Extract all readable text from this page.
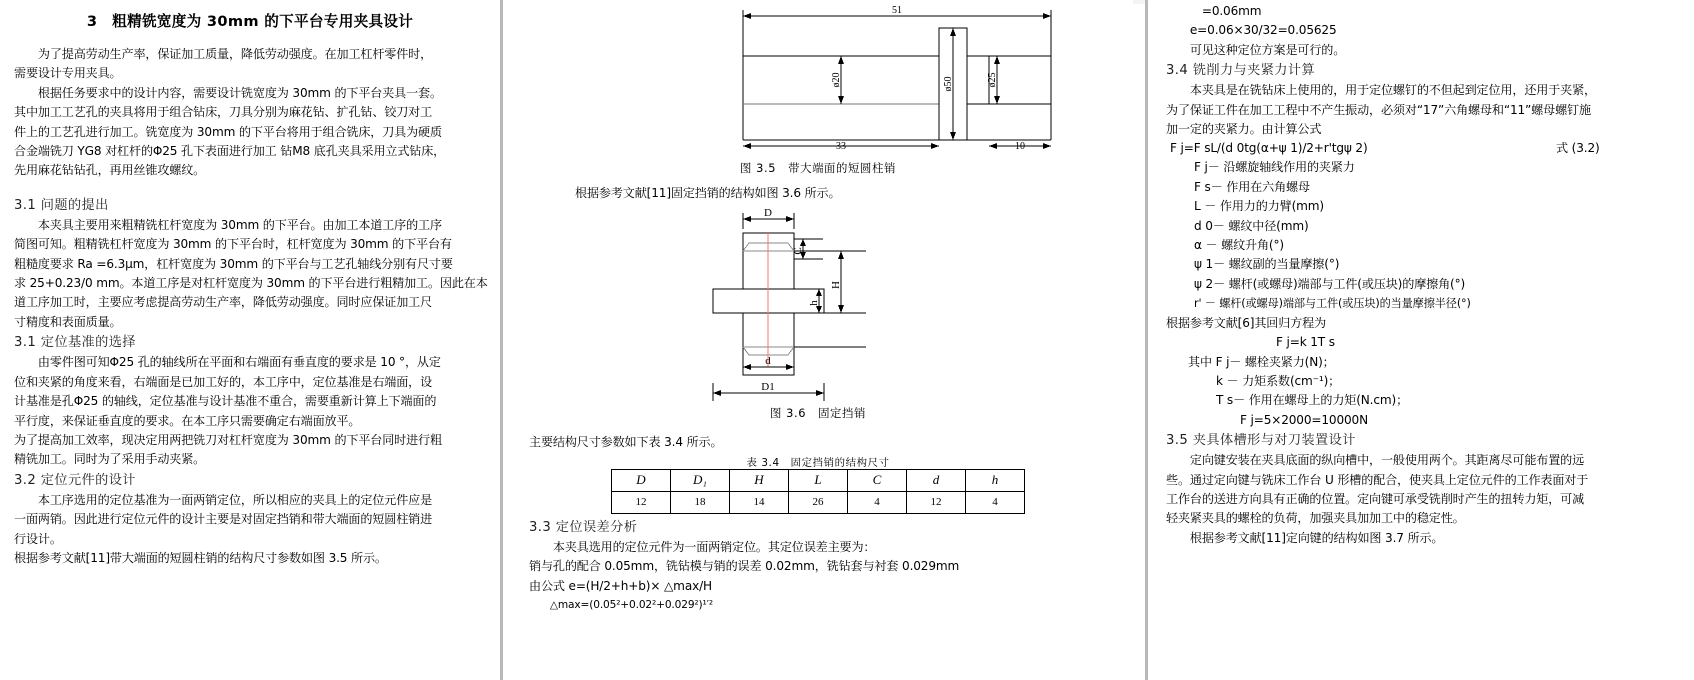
3　粗精铣宽度为 30mm 的下平台专用夹具设计
　　为了提高劳动生产率，保证加工质量，降低劳动强度。在加工杠杆零件时，
需要设计专用夹具。
　　根据任务要求中的设计内容，需要设计铣宽度为 30mm 的下平台夹具一套。
其中加工工艺孔的夹具将用于组合钻床，刀具分别为麻花钻、扩孔钻、铰刀对工
件上的工艺孔进行加工。铣宽度为 30mm 的下平台将用于组合铣床，刀具为硬质
合金端铣刀 YG8 对杠杆的Φ25 孔下表面进行加工 钻M8 底孔夹具采用立式钻床，
先用麻花钻钻孔，再用丝锥攻螺纹。
3.1 问题的提出
　　本夹具主要用来粗精铣杠杆宽度为 30mm 的下平台。由加工本道工序的工序
简图可知。粗精铣杠杆宽度为 30mm 的下平台时，杠杆宽度为 30mm 的下平台有
粗糙度要求 Ra =6.3μm，杠杆宽度为 30mm 的下平台与工艺孔轴线分别有尺寸要
求 25+0.23/0 mm。本道工序是对杠杆宽度为 30mm 的下平台进行粗精加工。因此在本
道工序加工时，主要应考虑提高劳动生产率，降低劳动强度。同时应保证加工尺
寸精度和表面质量。
3.1 定位基准的选择
　　由零件图可知Φ25 孔的轴线所在平面和右端面有垂直度的要求是 10 °，从定
位和夹紧的角度来看，右端面是已加工好的，本工序中，定位基准是右端面，设
计基准是孔Φ25 的轴线，定位基准与设计基准不重合，需要重新计算上下端面的
平行度，来保证垂直度的要求。在本工序只需要确定右端面放平。
为了提高加工效率，现决定用两把铣刀对杠杆宽度为 30mm 的下平台同时进行粗
精铣加工。同时为了采用手动夹紧。
3.2 定位元件的设计
　　本工序选用的定位基准为一面两销定位，所以相应的夹具上的定位元件应是
一面两销。因此进行定位元件的设计主要是对固定挡销和带大端面的短圆柱销进
行设计。
根据参考文献[11]带大端面的短圆柱销的结构尺寸参数如图 3.5 所示。
51
33	10
ø20	ø50	ø25
图 3.5　带大端面的短圆柱销
根据参考文献[11]固定挡销的结构如图 3.6 所示。
D
C
H
h
d
D1
图 3.6　固定挡销
主要结构尺寸参数如下表 3.4 所示。
表 3.4　固定挡销的结构尺寸
D	D₁	H	L	C	d	h
12	18	14	26	4	12	4
3.3 定位误差分析
　　本夹具选用的定位元件为一面两销定位。其定位误差主要为：
销与孔的配合 0.05mm，铣钻模与销的误差 0.02mm，铣钻套与衬套 0.029mm
由公式 e=(H/2+h+b)× △max/H
　　△max=(0.05²+0.02²+0.029²)¹′²
　　　=0.06mm
　　e=0.06×30/32=0.05625
　　可见这种定位方案是可行的。
3.4 铣削力与夹紧力计算
　　本夹具是在铣钻床上使用的，用于定位螺钉的不但起到定位用，还用于夹紧，
为了保证工件在加工工程中不产生振动，必须对“17”六角螺母和“11”螺母螺钉施
加一定的夹紧力。由计算公式
F j=F sL/(d 0tg(α+ψ 1)/2+r'tgψ 2)	式 (3.2)
F j－ 沿螺旋轴线作用的夹紧力
F s－ 作用在六角螺母
L － 作用力的力臂(mm)
d 0－ 螺纹中径(mm)
α － 螺纹升角(°)
ψ 1－ 螺纹副的当量摩擦(°)
ψ 2－ 螺杆(或螺母)端部与工件(或压块)的摩擦角(°)
r' － 螺杆(或螺母)端部与工件(或压块)的当量摩擦半径(°)
根据参考文献[6]其回归方程为
F j=k 1T s
其中 F j－ 螺栓夹紧力(N)；
k － 力矩系数(cm⁻¹)；
T s－ 作用在螺母上的力矩(N.cm)；
F j=5×2000=10000N
3.5 夹具体槽形与对刀装置设计
　　定向键安装在夹具底面的纵向槽中，一般使用两个。其距离尽可能布置的远
些。通过定向键与铣床工作台 U 形槽的配合，使夹具上定位元件的工作表面对于
工作台的送进方向具有正确的位置。定向键可承受铣削时产生的扭转力矩，可减
轻夹紧夹具的螺栓的负荷，加强夹具加加工中的稳定性。
　　根据参考文献[11]定向键的结构如图 3.7 所示。
